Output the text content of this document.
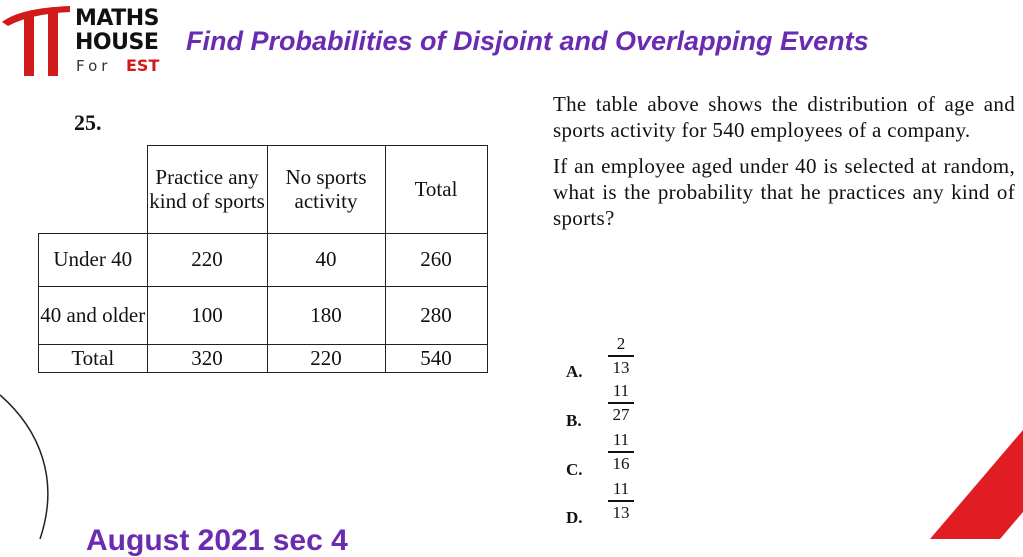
MATHS
HOUSE
For EST
Find Probabilities of Disjoint and Overlapping Events
25.
	Practice any kind of sports	No sports activity	Total
Under 40	220	40	260
40 and older	100	180	280
Total	320	220	540

The table above shows the distribution of age and sports activity for 540 employees of a company.

If an employee aged under 40 is selected at random, what is the probability that he practices any kind of sports?

A.
2
13
B.
11
27
C.
11
16
D.
11
13
August 2021 sec 4
